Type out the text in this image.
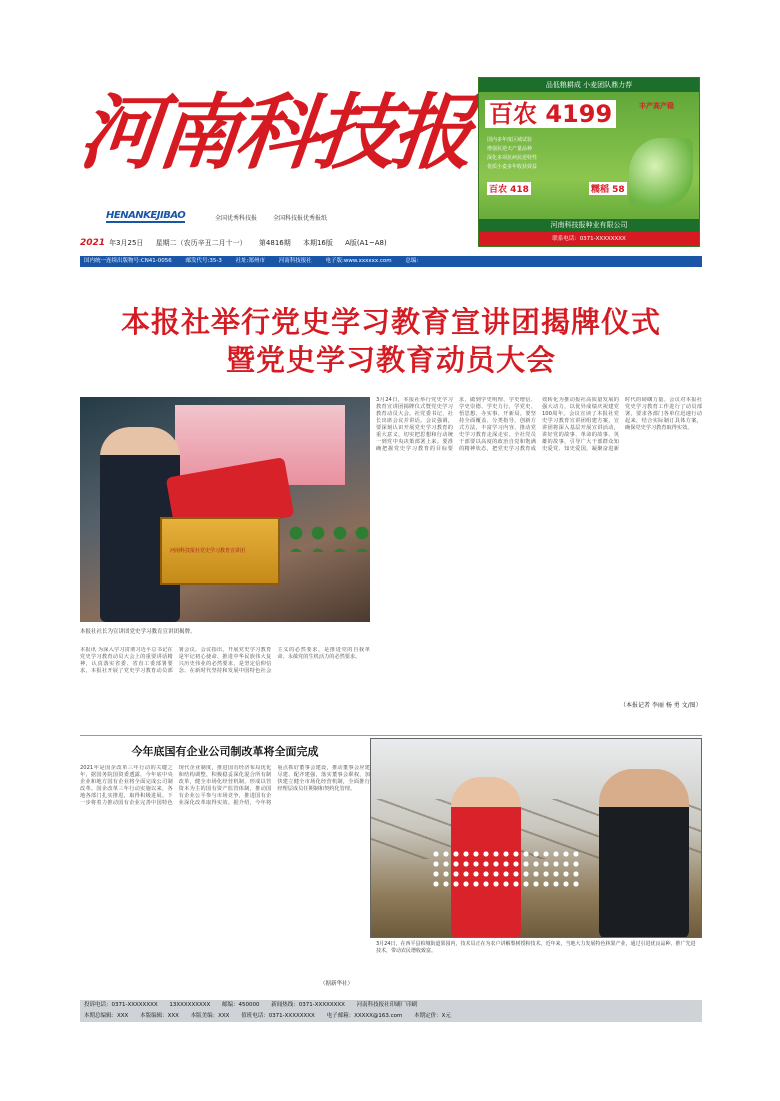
河南科技报
HENANKEJIBAO	全国优秀科技报	全国科技报优秀报纸
2021 年3月25日 星期二（农历辛丑二月十一） 第4816期 本期16版 A版(A1~A8)
国内统一连续出版物号:CN41-0056	邮发代号:35-3	社址:郑州市	河南科技报社	电子版:www.xxxxxx.com	总编:
品低粮耕成 小麦团队鼎力荐
百农 4199	丰产高产稳
国内多年度区域试验
增强抗逆天产量品种
深化多项抗病抗逆特性
优质小麦多年收获效益
百农 418	糯稻 58
河南科技报种业有限公司
联系电话：0371-XXXXXXXX
本报社举行党史学习教育宣讲团揭牌仪式
暨党史学习教育动员大会
河南科技报社党史学习教育宣讲团
本报社社长为宣讲团党史学习教育宣讲团揭牌。
3月24日，本报社举行党史学习教育宣讲团揭牌仪式暨党史学习教育动员大会。社党委书记、社长出席会议并讲话。会议强调，要深刻认识开展党史学习教育的重大意义，切实把思想和行动统一到党中央决策部署上来。要准确把握党史学习教育的目标要求，做到学史明理、学史增信、学史崇德、学史力行，学党史、悟思想、办实事、开新局。要坚持全面覆盖、分类指导，创新方式方法，丰富学习内容，推动党史学习教育走深走实。全社党员干部要以高度的政治自觉和饱满的精神状态，把党史学习教育成效转化为推动报社高质量发展的强大动力，以优异成绩庆祝建党100周年。会议宣读了本报社党史学习教育宣讲团组建方案，宣讲团将深入基层开展宣讲活动，讲好党的故事、革命的故事、英雄的故事，引导广大干部群众知史爱党、知史爱国，凝聚奋进新时代的磅礴力量。会议对本报社党史学习教育工作进行了动员部署，要求各部门各单位迅速行动起来，结合实际制订具体方案，确保党史学习教育取得实效。
本报讯 为深入学习贯彻习近平总书记在党史学习教育动员大会上的重要讲话精神，认真落实省委、省直工委部署要求，本报社开展了党史学习教育动员部署会议。会议指出，开展党史学习教育是牢记初心使命、推进中华民族伟大复兴历史伟业的必然要求，是坚定信仰信念、在新时代坚持和发展中国特色社会主义的必然要求，是推进党的自我革命、永葆党的生机活力的必然要求。
（本报记者 李丽 杨 勇 文/图）
今年底国有企业公司制改革将全面完成
2021年是国企改革三年行动的关键之年，据国务院国资委透露，今年底中央企业和地方国有企业将全面完成公司制改革。国企改革三年行动实施以来，各地各部门扎实推进，取得积极进展。下一步将着力推动国有企业完善中国特色现代企业制度，推进国有经济布局优化和结构调整，积极稳妥深化混合所有制改革，健全市场化经营机制，形成以管资本为主的国有资产监管体制，推动国有企业公平参与市场竞争，推进国有企业深化改革取得实效。据介绍，今年将重点抓好董事会建设，推动董事会应建尽建、配齐建强，落实董事会职权，加快建立健全市场化经营机制，全面推行经理层成员任期制和契约化管理。
（据新华社）
3月24日，在西平县柏城街道果园内，技术员正在为农户讲解梨树授粉技术。近年来，当地大力发展特色林果产业，通过引进优良品种、推广先进技术，带动农民增收致富。
投诉电话：0371-XXXXXXXX 13XXXXXXXXX 邮编：450000 新闻热线：0371-XXXXXXXX 河南科技报社印刷厂印刷
本期总编辑：XXX 本版编辑：XXX 本版美编：XXX 值班电话：0371-XXXXXXXX 电子邮箱：XXXXX@163.com 本期定价：X元
